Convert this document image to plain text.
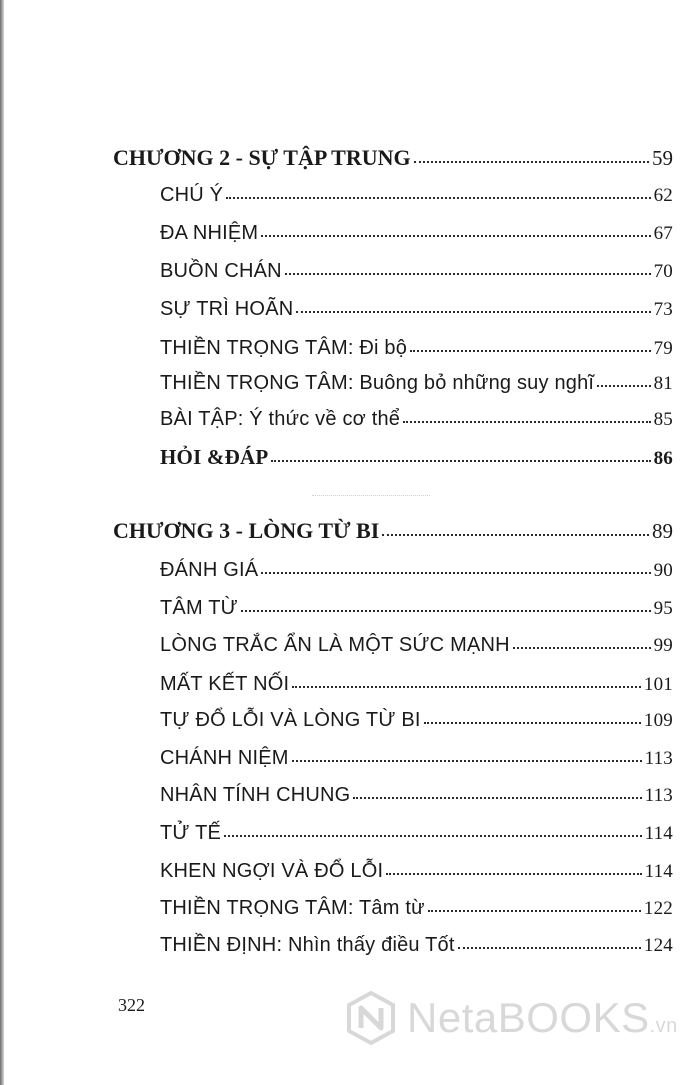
CHƯƠNG 2 - SỰ TẬP TRUNG	59
CHÚ Ý	62
ĐA NHIỆM	67
BUỒN CHÁN	70
SỰ TRÌ HOÃN	73
THIỀN TRỌNG TÂM: Đi bộ	79
THIỀN TRỌNG TÂM: Buông bỏ những suy nghĩ	81
BÀI TẬP: Ý thức về cơ thể	85
HỎI &ĐÁP	86
CHƯƠNG 3 - LÒNG TỪ BI	89
ĐÁNH GIÁ	90
TÂM TỪ	95
LÒNG TRẮC ẨN LÀ MỘT SỨC MẠNH	99
MẤT KẾT NỐI	101
TỰ ĐỔ LỖI VÀ LÒNG TỪ BI	109
CHÁNH NIỆM	113
NHÂN TÍNH CHUNG	113
TỬ TẾ	114
KHEN NGỢI VÀ ĐỔ LỖI	114
THIỀN TRỌNG TÂM: Tâm từ	122
THIỀN ĐỊNH: Nhìn thấy điều Tốt	124
322	NetaBOOKS.vn
